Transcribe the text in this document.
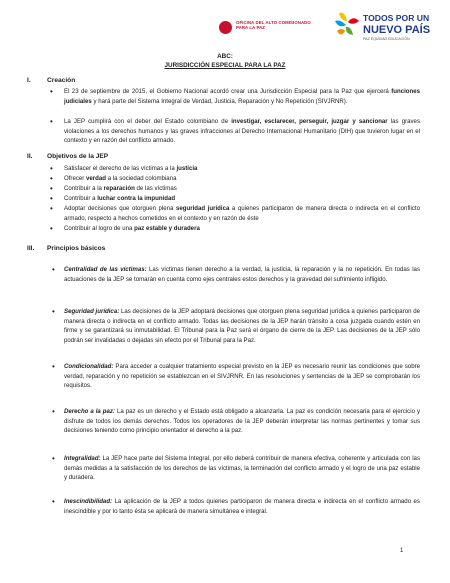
OFICINA DEL ALTO COMISIONADO
PARA LA PAZ
TODOS POR UN
NUEVO PAÍS
PAZ EQUIDAD EDUCACIÓN
ABC:
JURISDICCIÓN ESPECIAL PARA LA PAZ
I. Creación
• El 23 de septiembre de 2015, el Gobierno Nacional acordó crear una Jurisdicción Especial para la Paz que ejercerá funciones judiciales y hará parte del Sistema Integral de Verdad, Justicia, Reparación y No Repetición (SIVJRNR).
• La JEP cumplirá con el deber del Estado colombiano de investigar, esclarecer, perseguir, juzgar y sancionar las graves violaciones a los derechos humanos y las graves infracciones al Derecho Internacional Humanitario (DIH) que tuvieron lugar en el contexto y en razón del conflicto armado.
II. Objetivos de la JEP
• Satisfacer el derecho de las víctimas a la justicia
• Ofrecer verdad a la sociedad colombiana
• Contribuir a la reparación de las víctimas
• Contribuir a luchar contra la impunidad
• Adoptar decisiones que otorguen plena seguridad jurídica a quienes participaron de manera directa o indirecta en el conflicto armado, respecto a hechos cometidos en el contexto y en razón de éste
• Contribuir al logro de una paz estable y duradera
III. Principios básicos
• Centralidad de las víctimas: Las víctimas tienen derecho a la verdad, la justicia, la reparación y la no repetición. En todas las actuaciones de la JEP se tomarán en cuenta como ejes centrales estos derechos y la gravedad del sufrimiento infligido.
• Seguridad jurídica: Las decisiones de la JEP adoptará decisiones que otorguen plena seguridad jurídica a quienes participaron de manera directa o indirecta en el conflicto armado. Todas las decisiones de la JEP harán tránsito a cosa juzgada cuando estén en firme y se garantizará su inmutabilidad. El Tribunal para la Paz será el órgano de cierre de la JEP. Las decisiones de la JEP sólo podrán ser invalidadas o dejadas sin efecto por el Tribunal para la Paz.
• Condicionalidad: Para acceder a cualquier tratamiento especial previsto en la JEP es necesario reunir las condiciones que sobre verdad, reparación y no repetición se establezcan en el SIVJRNR. En las resoluciones y sentencias de la JEP se comprobarán los requisitos.
• Derecho a la paz: La paz es un derecho y el Estado está obligado a alcanzarla. La paz es condición necesaria para el ejercicio y disfrute de todos los demás derechos. Todos los operadores de la JEP deberán interpretar las normas pertinentes y tomar sus decisiones teniendo como principio orientador el derecho a la paz.
• Integralidad: La JEP hace parte del Sistema Integral, por ello deberá contribuir de manera efectiva, coherente y articulada con las demás medidas a la satisfacción de los derechos de las víctimas, la terminación del conflicto armado y el logro de una paz estable y duradera.
• Inescindibilidad: La aplicación de la JEP a todos quienes participaron de manera directa e indirecta en el conflicto armado es inescindible y por lo tanto ésta se aplicará de manera simultánea e integral.
1
